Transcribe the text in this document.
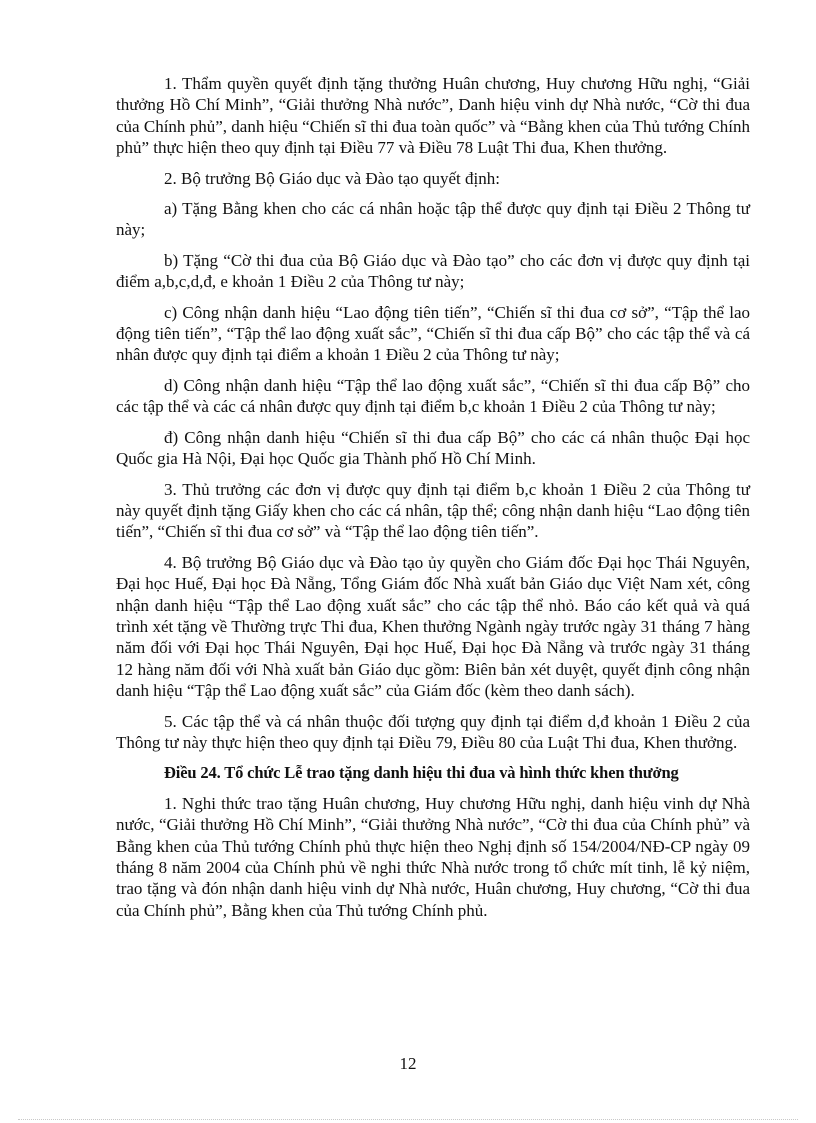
1. Thẩm quyền quyết định tặng thưởng Huân chương, Huy chương Hữu nghị, “Giải thưởng Hồ Chí Minh”, “Giải thưởng Nhà nước”, Danh hiệu vinh dự Nhà nước, “Cờ thi đua của Chính phủ”, danh hiệu “Chiến sĩ thi đua toàn quốc” và “Bằng khen của Thủ tướng Chính phủ” thực hiện theo quy định tại Điều 77 và Điều 78 Luật Thi đua, Khen thưởng.

2. Bộ trưởng Bộ Giáo dục và Đào tạo quyết định:

a) Tặng Bằng khen cho các cá nhân hoặc tập thể được quy định tại Điều 2 Thông tư này;

b) Tặng “Cờ thi đua của Bộ Giáo dục và Đào tạo” cho các đơn vị được quy định tại điểm a,b,c,d,đ, e khoản 1 Điều 2 của Thông tư này;

c) Công nhận danh hiệu “Lao động tiên tiến”, “Chiến sĩ thi đua cơ sở”, “Tập thể lao động tiên tiến”, “Tập thể lao động xuất sắc”, “Chiến sĩ thi đua cấp Bộ” cho các tập thể và cá nhân được quy định tại điểm a khoản 1 Điều 2 của Thông tư này;

d) Công nhận danh hiệu “Tập thể lao động xuất sắc”, “Chiến sĩ thi đua cấp Bộ” cho các tập thể và các cá nhân được quy định tại điểm b,c khoản 1 Điều 2 của Thông tư này;

đ) Công nhận danh hiệu “Chiến sĩ thi đua cấp Bộ” cho các cá nhân thuộc Đại học Quốc gia Hà Nội, Đại học Quốc gia Thành phố Hồ Chí Minh.

3. Thủ trưởng các đơn vị được quy định tại điểm b,c khoản 1 Điều 2 của Thông tư này quyết định tặng Giấy khen cho các cá nhân, tập thể; công nhận danh hiệu “Lao động tiên tiến”, “Chiến sĩ thi đua cơ sở” và “Tập thể lao động tiên tiến”.

4. Bộ trưởng Bộ Giáo dục và Đào tạo ủy quyền cho Giám đốc Đại học Thái Nguyên, Đại học Huế, Đại học Đà Nẵng, Tổng Giám đốc Nhà xuất bản Giáo dục Việt Nam xét, công nhận danh hiệu “Tập thể Lao động xuất sắc” cho các tập thể nhỏ. Báo cáo kết quả và quá trình xét tặng về Thường trực Thi đua, Khen thưởng Ngành ngày trước ngày 31 tháng 7 hàng năm đối với Đại học Thái Nguyên, Đại học Huế, Đại học Đà Nẵng và trước ngày 31 tháng 12 hàng năm đối với Nhà xuất bản Giáo dục gồm: Biên bản xét duyệt, quyết định công nhận danh hiệu “Tập thể Lao động xuất sắc” của Giám đốc (kèm theo danh sách).

5. Các tập thể và cá nhân thuộc đối tượng quy định tại điểm d,đ khoản 1 Điều 2 của Thông tư này thực hiện theo quy định tại Điều 79, Điều 80 của Luật Thi đua, Khen thưởng.

Điều 24. Tổ chức Lễ trao tặng danh hiệu thi đua và hình thức khen thưởng

1. Nghi thức trao tặng Huân chương, Huy chương Hữu nghị, danh hiệu vinh dự Nhà nước, “Giải thưởng Hồ Chí Minh”, “Giải thưởng Nhà nước”, “Cờ thi đua của Chính phủ” và Bằng khen của Thủ tướng Chính phủ thực hiện theo Nghị định số 154/2004/NĐ-CP ngày 09 tháng 8 năm 2004 của Chính phủ về nghi thức Nhà nước trong tổ chức mít tinh, lễ kỷ niệm, trao tặng và đón nhận danh hiệu vinh dự Nhà nước, Huân chương, Huy chương, “Cờ thi đua của Chính phủ”, Bằng khen của Thủ tướng Chính phủ.

12
